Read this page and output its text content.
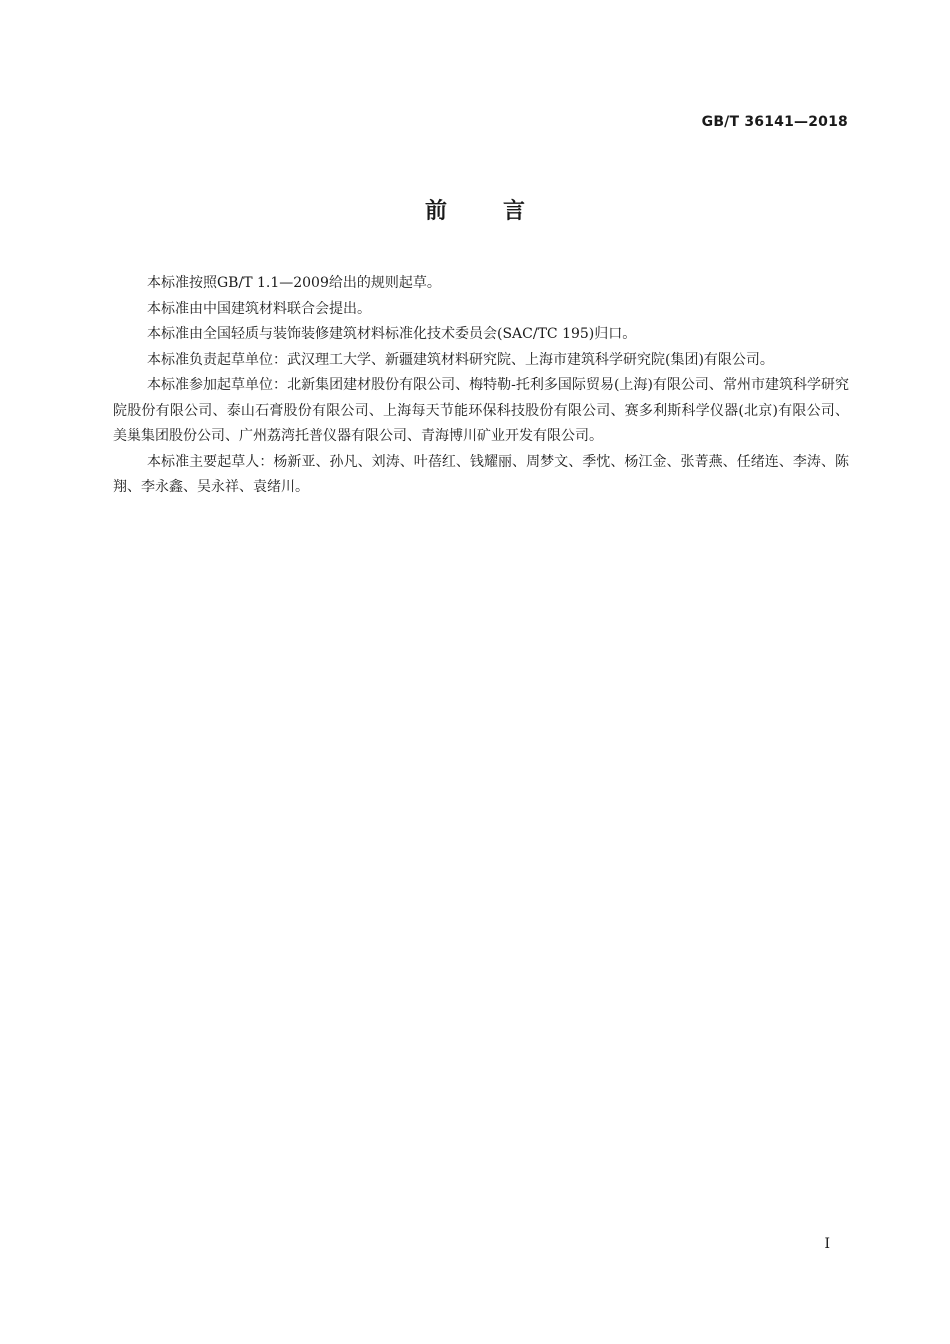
GB/T 36141—2018
前言

本标准按照GB/T 1.1—2009给出的规则起草。

本标准由中国建筑材料联合会提出。

本标准由全国轻质与装饰装修建筑材料标准化技术委员会(SAC/TC 195)归口。

本标准负责起草单位：武汉理工大学、新疆建筑材料研究院、上海市建筑科学研究院(集团)有限公司。

本标准参加起草单位：北新集团建材股份有限公司、梅特勒-托利多国际贸易(上海)有限公司、常州市建筑科学研究院股份有限公司、泰山石膏股份有限公司、上海每天节能环保科技股份有限公司、赛多利斯科学仪器(北京)有限公司、美巢集团股份公司、广州荔湾托普仪器有限公司、青海博川矿业开发有限公司。

本标准主要起草人：杨新亚、孙凡、刘涛、叶蓓红、钱耀丽、周梦文、季忱、杨江金、张菁燕、任绪连、李涛、陈翔、李永鑫、吴永祥、袁绪川。

I
